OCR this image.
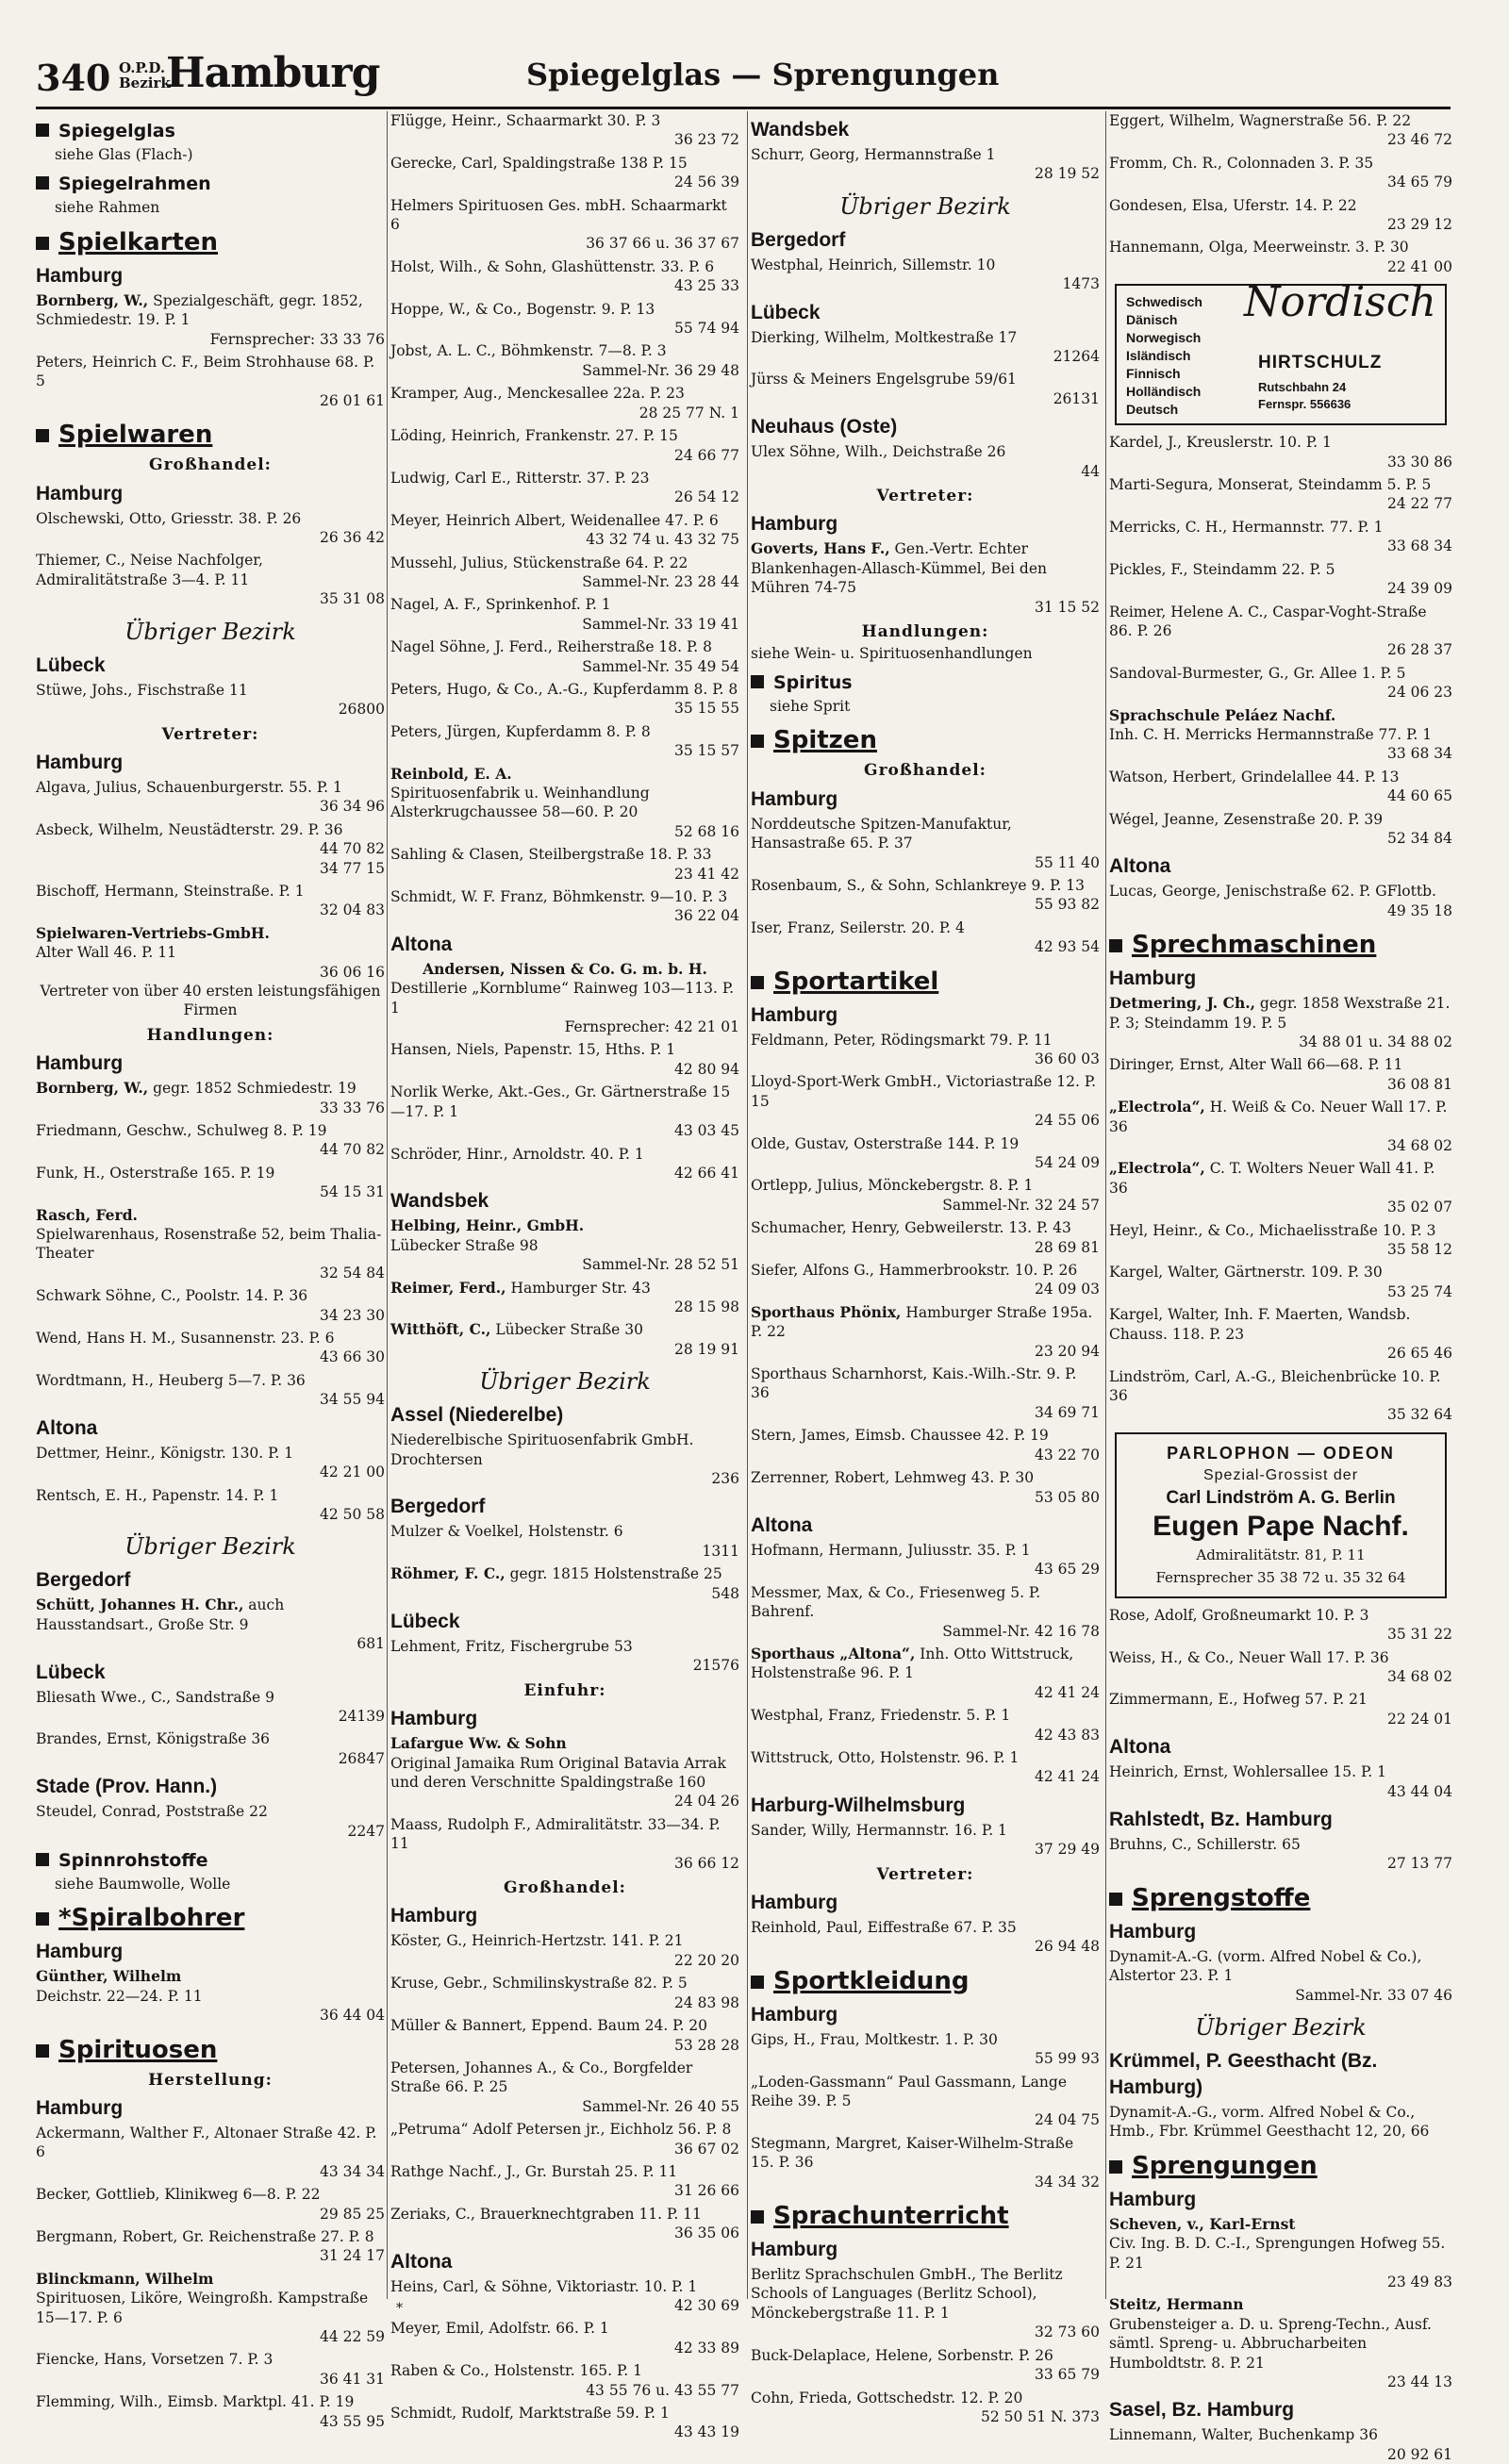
340 O.P.D.
Bezirk
Hamburg	Spiegelglas — Sprengungen
Spiegelglas
siehe Glas (Flach-)
Spiegelrahmen
siehe Rahmen
Spielkarten
Hamburg
Bornberg, W., Spezialgeschäft, gegr. 1852, Schmiedestr. 19. P. 1
Fernsprecher: 33 33 76
Peters, Heinrich C. F., Beim Strohhause 68. P. 5
26 01 61
Spielwaren
Großhandel:
Hamburg
Olschewski, Otto, Griesstr. 38. P. 26
26 36 42
Thiemer, C., Neise Nachfolger, Admiralitätstraße 3—4. P. 11
35 31 08
Übriger Bezirk
Lübeck
Stüwe, Johs., Fischstraße 11
26800
Vertreter:
Hamburg
Algava, Julius, Schauenburgerstr. 55. P. 1
36 34 96
Asbeck, Wilhelm, Neustädterstr. 29. P. 36
44 70 82
34 77 15
Bischoff, Hermann, Steinstraße. P. 1
32 04 83
Spielwaren-Vertriebs-GmbH.
Alter Wall 46. P. 11
36 06 16
Vertreter von über 40 ersten leistungsfähigen Firmen
Handlungen:
Hamburg
Bornberg, W., gegr. 1852 Schmiedestr. 19
33 33 76
Friedmann, Geschw., Schulweg 8. P. 19
44 70 82
Funk, H., Osterstraße 165. P. 19
54 15 31
Rasch, Ferd.
Spielwarenhaus, Rosenstraße 52, beim Thalia-Theater
32 54 84
Schwark Söhne, C., Poolstr. 14. P. 36
34 23 30
Wend, Hans H. M., Susannenstr. 23. P. 6
43 66 30
Wordtmann, H., Heuberg 5—7. P. 36
34 55 94
Altona
Dettmer, Heinr., Königstr. 130. P. 1
42 21 00
Rentsch, E. H., Papenstr. 14. P. 1
42 50 58
Übriger Bezirk
Bergedorf
Schütt, Johannes H. Chr., auch Hausstandsart., Große Str. 9
681
Lübeck
Bliesath Wwe., C., Sandstraße 9
24139
Brandes, Ernst, Königstraße 36
26847
Stade (Prov. Hann.)
Steudel, Conrad, Poststraße 22
2247
Spinnrohstoffe
siehe Baumwolle, Wolle
*Spiralbohrer
Hamburg
Günther, Wilhelm
Deichstr. 22—24. P. 11
36 44 04
Spirituosen
Herstellung:
Hamburg
Ackermann, Walther F., Altonaer Straße 42. P. 6
43 34 34
Becker, Gottlieb, Klinikweg 6—8. P. 22
29 85 25
Bergmann, Robert, Gr. Reichenstraße 27. P. 8
31 24 17
Blinckmann, Wilhelm
Spirituosen, Liköre, Weingroßh. Kampstraße 15—17. P. 6
44 22 59
Fiencke, Hans, Vorsetzen 7. P. 3
36 41 31
Flemming, Wilh., Eimsb. Marktpl. 41. P. 19
43 55 95
Flügge, Heinr., Schaarmarkt 30. P. 3
36 23 72
Gerecke, Carl, Spaldingstraße 138 P. 15
24 56 39
Helmers Spirituosen Ges. mbH. Schaarmarkt 6
36 37 66 u. 36 37 67
Holst, Wilh., & Sohn, Glashüttenstr. 33. P. 6
43 25 33
Hoppe, W., & Co., Bogenstr. 9. P. 13
55 74 94
Jobst, A. L. C., Böhmkenstr. 7—8. P. 3
Sammel-Nr. 36 29 48
Kramper, Aug., Menckesallee 22a. P. 23
28 25 77 N. 1
Löding, Heinrich, Frankenstr. 27. P. 15
24 66 77
Ludwig, Carl E., Ritterstr. 37. P. 23
26 54 12
Meyer, Heinrich Albert, Weidenallee 47. P. 6
43 32 74 u. 43 32 75
Mussehl, Julius, Stückenstraße 64. P. 22
Sammel-Nr. 23 28 44
Nagel, A. F., Sprinkenhof. P. 1
Sammel-Nr. 33 19 41
Nagel Söhne, J. Ferd., Reiherstraße 18. P. 8
Sammel-Nr. 35 49 54
Peters, Hugo, & Co., A.-G., Kupferdamm 8. P. 8
35 15 55
Peters, Jürgen, Kupferdamm 8. P. 8
35 15 57
Reinbold, E. A.
Spirituosenfabrik u. Weinhandlung Alsterkrugchaussee 58—60. P. 20
52 68 16
Sahling & Clasen, Steilbergstraße 18. P. 33
23 41 42
Schmidt, W. F. Franz, Böhmkenstr. 9—10. P. 3
36 22 04
Altona
Andersen, Nissen & Co. G. m. b. H.
Destillerie „Kornblume“ Rainweg 103—113. P. 1
Fernsprecher: 42 21 01
Hansen, Niels, Papenstr. 15, Hths. P. 1
42 80 94
Norlik Werke, Akt.-Ges., Gr. Gärtnerstraße 15—17. P. 1
43 03 45
Schröder, Hinr., Arnoldstr. 40. P. 1
42 66 41
Wandsbek
Helbing, Heinr., GmbH.
Lübecker Straße 98
Sammel-Nr. 28 52 51
Reimer, Ferd., Hamburger Str. 43
28 15 98
Witthöft, C., Lübecker Straße 30
28 19 91
Übriger Bezirk
Assel (Niederelbe)
Niederelbische Spirituosenfabrik GmbH. Drochtersen
236
Bergedorf
Mulzer & Voelkel, Holstenstr. 6
1311
Röhmer, F. C., gegr. 1815 Holstenstraße 25
548
Lübeck
Lehment, Fritz, Fischergrube 53
21576
Einfuhr:
Hamburg
Lafargue Ww. & Sohn
Original Jamaika Rum Original Batavia Arrak und deren Verschnitte Spaldingstraße 160
24 04 26
Maass, Rudolph F., Admiralitätstr. 33—34. P. 11
36 66 12
Großhandel:
Hamburg
Köster, G., Heinrich-Hertzstr. 141. P. 21
22 20 20
Kruse, Gebr., Schmilinskystraße 82. P. 5
24 83 98
Müller & Bannert, Eppend. Baum 24. P. 20
53 28 28
Petersen, Johannes A., & Co., Borgfelder Straße 66. P. 25
Sammel-Nr. 26 40 55
„Petruma“ Adolf Petersen jr., Eichholz 56. P. 8
36 67 02
Rathge Nachf., J., Gr. Burstah 25. P. 11
31 26 66
Zeriaks, C., Brauerknechtgraben 11. P. 11
36 35 06
Altona
Heins, Carl, & Söhne, Viktoriastr. 10. P. 1
42 30 69
Meyer, Emil, Adolfstr. 66. P. 1
42 33 89
Raben & Co., Holstenstr. 165. P. 1
43 55 76 u. 43 55 77
Schmidt, Rudolf, Marktstraße 59. P. 1
43 43 19
Wandsbek
Schurr, Georg, Hermannstraße 1
28 19 52
Übriger Bezirk
Bergedorf
Westphal, Heinrich, Sillemstr. 10
1473
Lübeck
Dierking, Wilhelm, Moltkestraße 17
21264
Jürss & Meiners Engelsgrube 59/61
26131
Neuhaus (Oste)
Ulex Söhne, Wilh., Deichstraße 26
44
Vertreter:
Hamburg
Goverts, Hans F., Gen.-Vertr. Echter Blankenhagen-Allasch-Kümmel, Bei den Mühren 74-75
31 15 52
Handlungen:
siehe Wein- u. Spirituosenhandlungen
Spiritus
siehe Sprit
Spitzen
Großhandel:
Hamburg
Norddeutsche Spitzen-Manufaktur, Hansastraße 65. P. 37
55 11 40
Rosenbaum, S., & Sohn, Schlankreye 9. P. 13
55 93 82
Iser, Franz, Seilerstr. 20. P. 4
42 93 54
Sportartikel
Hamburg
Feldmann, Peter, Rödingsmarkt 79. P. 11
36 60 03
Lloyd-Sport-Werk GmbH., Victoriastraße 12. P. 15
24 55 06
Olde, Gustav, Osterstraße 144. P. 19
54 24 09
Ortlepp, Julius, Mönckebergstr. 8. P. 1
Sammel-Nr. 32 24 57
Schumacher, Henry, Gebweilerstr. 13. P. 43
28 69 81
Siefer, Alfons G., Hammerbrookstr. 10. P. 26
24 09 03
Sporthaus Phönix, Hamburger Straße 195a. P. 22
23 20 94
Sporthaus Scharnhorst, Kais.-Wilh.-Str. 9. P. 36
34 69 71
Stern, James, Eimsb. Chaussee 42. P. 19
43 22 70
Zerrenner, Robert, Lehmweg 43. P. 30
53 05 80
Altona
Hofmann, Hermann, Juliusstr. 35. P. 1
43 65 29
Messmer, Max, & Co., Friesenweg 5. P. Bahrenf.
Sammel-Nr. 42 16 78
Sporthaus „Altona“, Inh. Otto Wittstruck, Holstenstraße 96. P. 1
42 41 24
Westphal, Franz, Friedenstr. 5. P. 1
42 43 83
Wittstruck, Otto, Holstenstr. 96. P. 1
42 41 24
Harburg-Wilhelmsburg
Sander, Willy, Hermannstr. 16. P. 1
37 29 49
Vertreter:
Hamburg
Reinhold, Paul, Eiffestraße 67. P. 35
26 94 48
Sportkleidung
Hamburg
Gips, H., Frau, Moltkestr. 1. P. 30
55 99 93
„Loden-Gassmann“ Paul Gassmann, Lange Reihe 39. P. 5
24 04 75
Stegmann, Margret, Kaiser-Wilhelm-Straße 15. P. 36
34 34 32
Sprachunterricht
Hamburg
Berlitz Sprachschulen GmbH., The Berlitz Schools of Languages (Berlitz School), Mönckebergstraße 11. P. 1
32 73 60
Buck-Delaplace, Helene, Sorbenstr. P. 26
33 65 79
Cohn, Frieda, Gottschedstr. 12. P. 20
52 50 51 N. 373
Eggert, Wilhelm, Wagnerstraße 56. P. 22
23 46 72
Fromm, Ch. R., Colonnaden 3. P. 35
34 65 79
Gondesen, Elsa, Uferstr. 14. P. 22
23 29 12
Hannemann, Olga, Meerweinstr. 3. P. 30
22 41 00
Schwedisch
Dänisch
Norwegisch
Isländisch
Finnisch
Holländisch
Deutsch
Nordisch
HIRTSCHULZ
Rutschbahn 24
Fernspr. 556636
Kardel, J., Kreuslerstr. 10. P. 1
33 30 86
Marti-Segura, Monserat, Steindamm 5. P. 5
24 22 77
Merricks, C. H., Hermannstr. 77. P. 1
33 68 34
Pickles, F., Steindamm 22. P. 5
24 39 09
Reimer, Helene A. C., Caspar-Voght-Straße 86. P. 26
26 28 37
Sandoval-Burmester, G., Gr. Allee 1. P. 5
24 06 23
Sprachschule Peláez Nachf.
Inh. C. H. Merricks Hermannstraße 77. P. 1
33 68 34
Watson, Herbert, Grindelallee 44. P. 13
44 60 65
Wégel, Jeanne, Zesenstraße 20. P. 39
52 34 84
Altona
Lucas, George, Jenischstraße 62. P. GFlottb.
49 35 18
Sprechmaschinen
Hamburg
Detmering, J. Ch., gegr. 1858 Wexstraße 21. P. 3; Steindamm 19. P. 5
34 88 01 u. 34 88 02
Diringer, Ernst, Alter Wall 66—68. P. 11
36 08 81
„Electrola“, H. Weiß & Co. Neuer Wall 17. P. 36
34 68 02
„Electrola“, C. T. Wolters Neuer Wall 41. P. 36
35 02 07
Heyl, Heinr., & Co., Michaelisstraße 10. P. 3
35 58 12
Kargel, Walter, Gärtnerstr. 109. P. 30
53 25 74
Kargel, Walter, Inh. F. Maerten, Wandsb. Chauss. 118. P. 23
26 65 46
Lindström, Carl, A.-G., Bleichenbrücke 10. P. 36
35 32 64
PARLOPHON — ODEON
Spezial-Grossist der
Carl Lindström A. G. Berlin
Eugen Pape Nachf.
Admiralitätstr. 81, P. 11
Fernsprecher 35 38 72 u. 35 32 64
Rose, Adolf, Großneumarkt 10. P. 3
35 31 22
Weiss, H., & Co., Neuer Wall 17. P. 36
34 68 02
Zimmermann, E., Hofweg 57. P. 21
22 24 01
Altona
Heinrich, Ernst, Wohlersallee 15. P. 1
43 44 04
Rahlstedt, Bz. Hamburg
Bruhns, C., Schillerstr. 65
27 13 77
Sprengstoffe
Hamburg
Dynamit-A.-G. (vorm. Alfred Nobel & Co.), Alstertor 23. P. 1
Sammel-Nr. 33 07 46
Übriger Bezirk
Krümmel, P. Geesthacht (Bz. Hamburg)
Dynamit-A.-G., vorm. Alfred Nobel & Co., Hmb., Fbr. Krümmel Geesthacht 12, 20, 66
Sprengungen
Hamburg
Scheven, v., Karl-Ernst
Civ. Ing. B. D. C.-I., Sprengungen Hofweg 55. P. 21
23 49 83
Steitz, Hermann
Grubensteiger a. D. u. Spreng-Techn., Ausf. sämtl. Spreng- u. Abbrucharbeiten Humboldtstr. 8. P. 21
23 44 13
Sasel, Bz. Hamburg
Linnemann, Walter, Buchenkamp 36
20 92 61
*
